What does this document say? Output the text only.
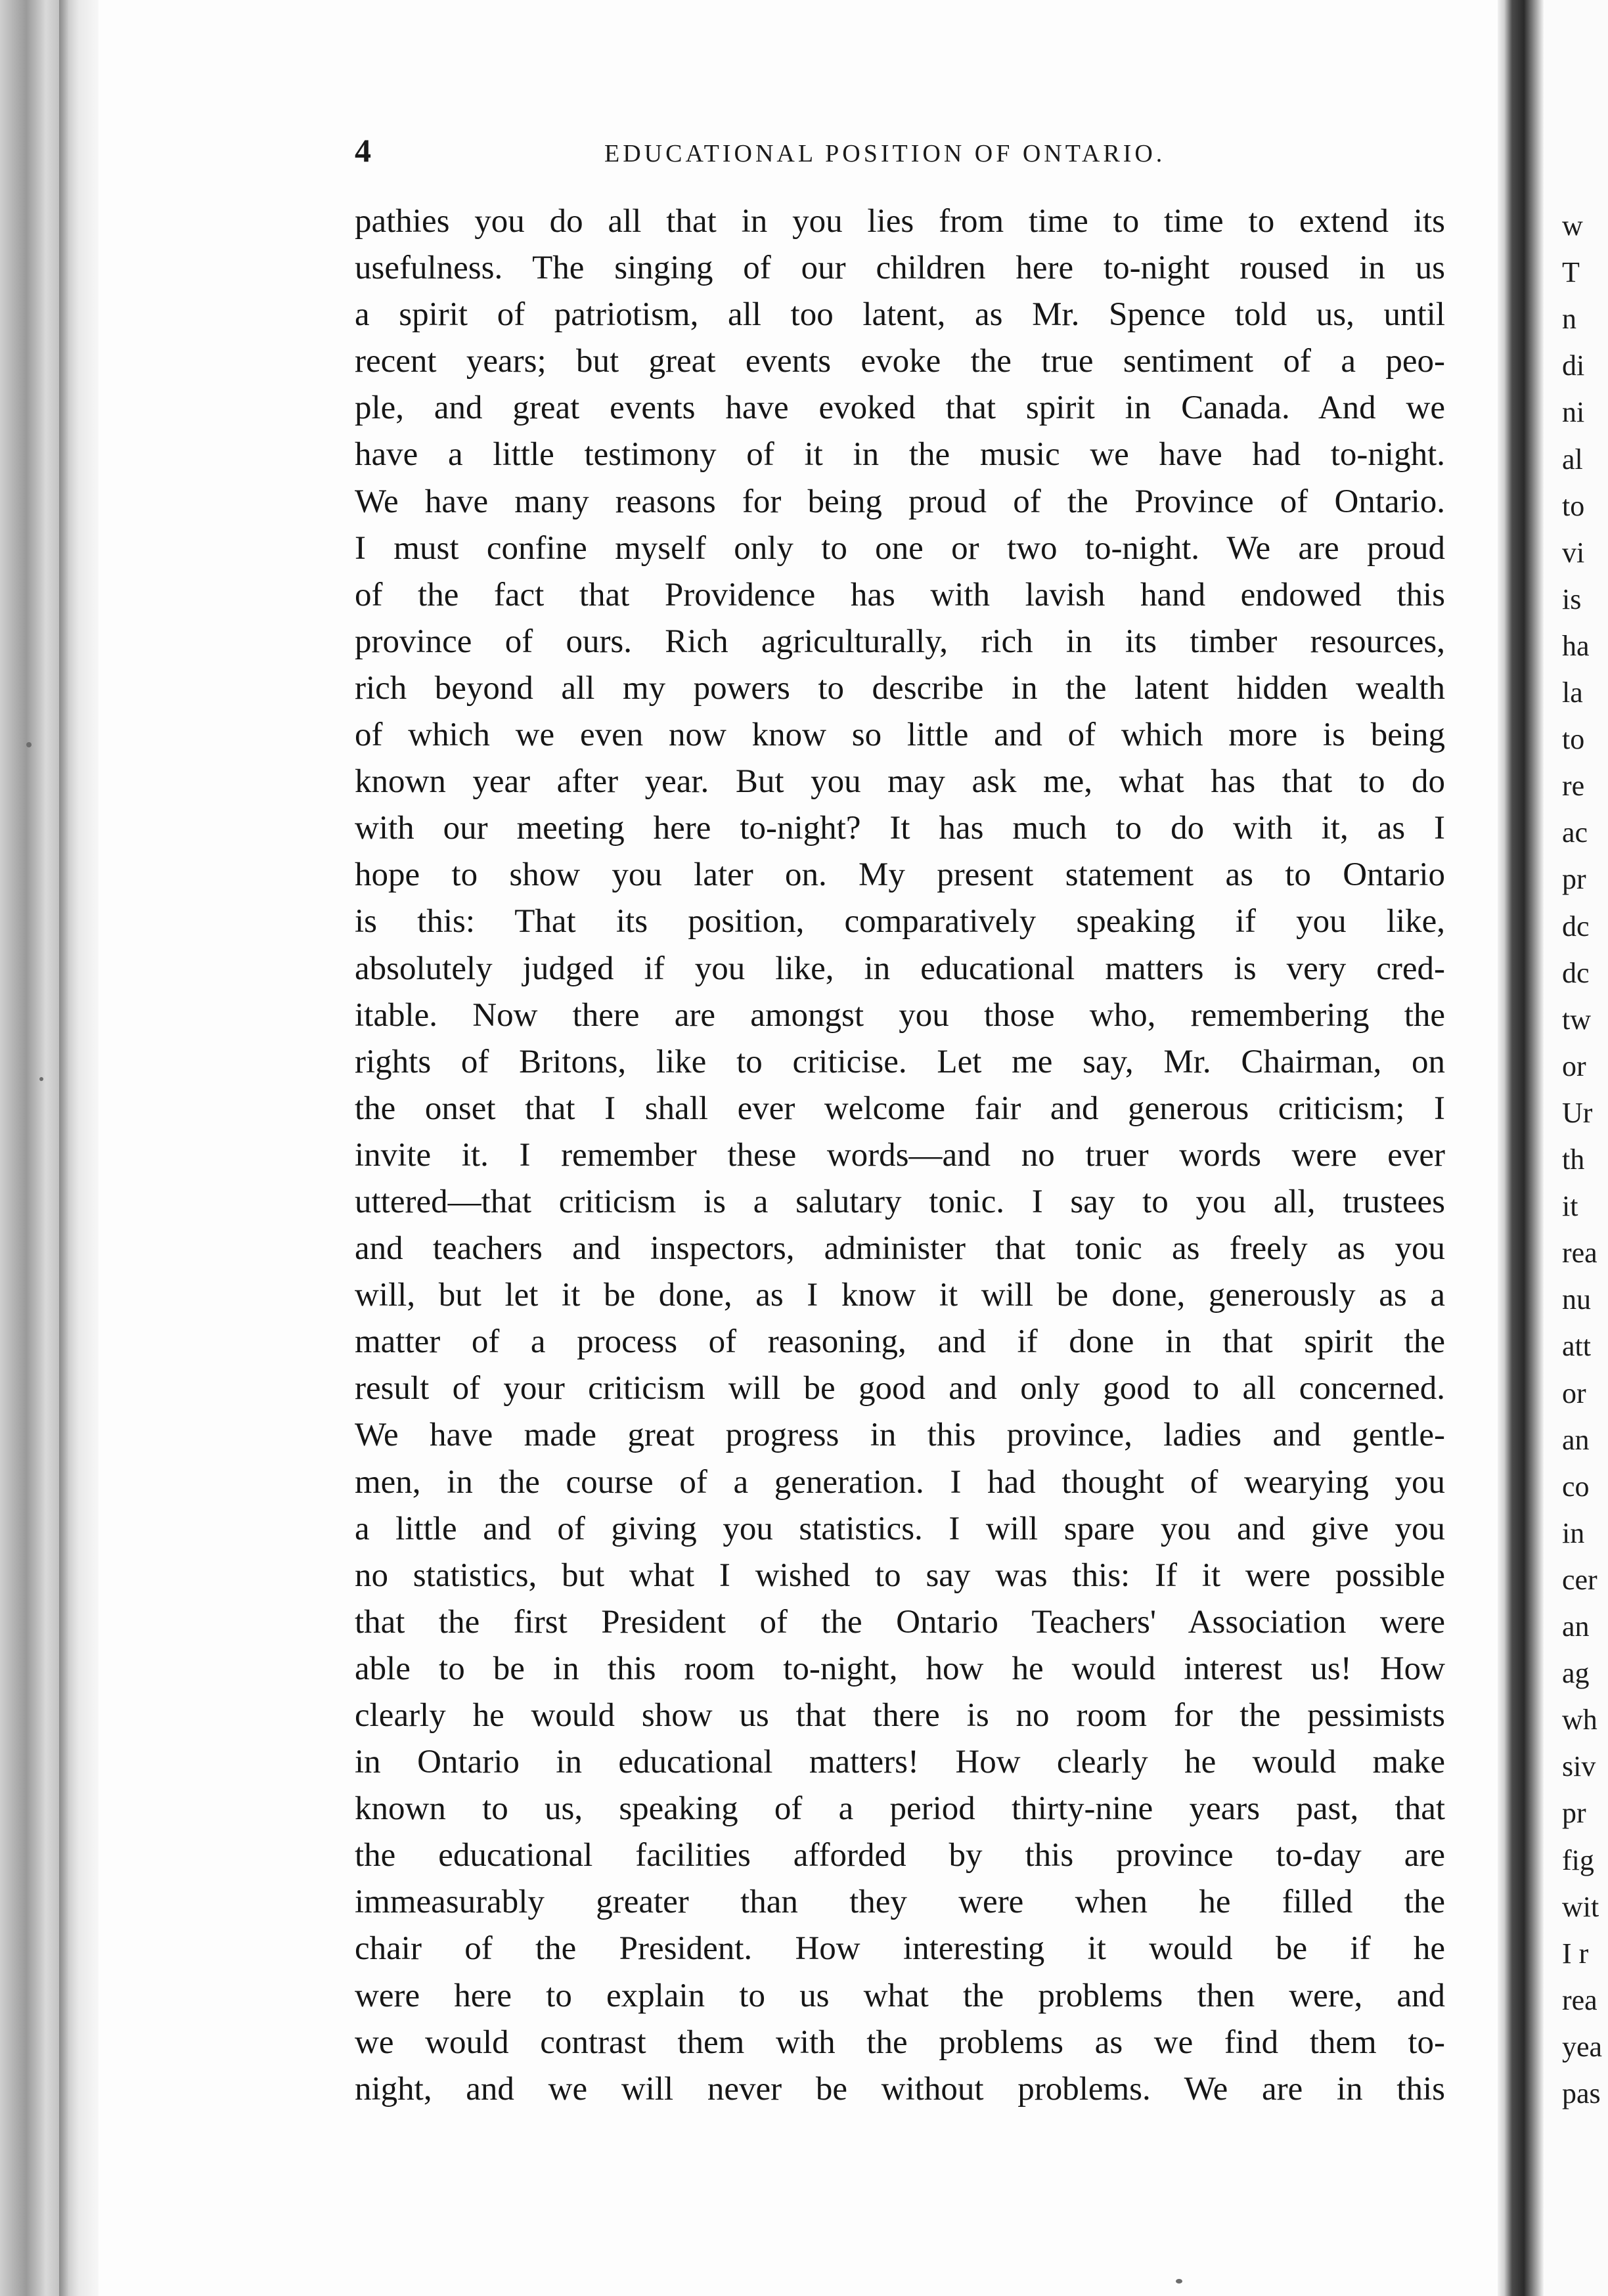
4	EDUCATIONAL POSITION OF ONTARIO.
pathies you do all that in you lies from time to time to extend its
usefulness. The singing of our children here to-night roused in us
a spirit of patriotism, all too latent, as Mr. Spence told us, until
recent years; but great events evoke the true sentiment of a peo-
ple, and great events have evoked that spirit in Canada. And we
have a little testimony of it in the music we have had to-night.
We have many reasons for being proud of the Province of Ontario.
I must confine myself only to one or two to-night. We are proud
of the fact that Providence has with lavish hand endowed this
province of ours. Rich agriculturally, rich in its timber resources,
rich beyond all my powers to describe in the latent hidden wealth
of which we even now know so little and of which more is being
known year after year. But you may ask me, what has that to do
with our meeting here to-night? It has much to do with it, as I
hope to show you later on. My present statement as to Ontario
is this: That its position, comparatively speaking if you like,
absolutely judged if you like, in educational matters is very cred-
itable. Now there are amongst you those who, remembering the
rights of Britons, like to criticise. Let me say, Mr. Chairman, on
the onset that I shall ever welcome fair and generous criticism; I
invite it. I remember these words—and no truer words were ever
uttered—that criticism is a salutary tonic. I say to you all, trustees
and teachers and inspectors, administer that tonic as freely as you
will, but let it be done, as I know it will be done, generously as a
matter of a process of reasoning, and if done in that spirit the
result of your criticism will be good and only good to all concerned.
We have made great progress in this province, ladies and gentle-
men, in the course of a generation. I had thought of wearying you
a little and of giving you statistics. I will spare you and give you
no statistics, but what I wished to say was this: If it were possible
that the first President of the Ontario Teachers' Association were
able to be in this room to-night, how he would interest us! How
clearly he would show us that there is no room for the pessimists
in Ontario in educational matters! How clearly he would make
known to us, speaking of a period thirty-nine years past, that
the educational facilities afforded by this province to-day are
immeasurably greater than they were when he filled the
chair of the President. How interesting it would be if he
were here to explain to us what the problems then were, and
we would contrast them with the problems as we find them to-
night, and we will never be without problems. We are in this
w
T
n
di
ni
al
to
vi
is
ha
la
to
re
ac
pr
dc
dc
tw
or
Ur
th
it
rea
nu
att
or
an
co
in
cer
an
ag
wh
siv
pr
fig
wit
I r
rea
yea
pas
